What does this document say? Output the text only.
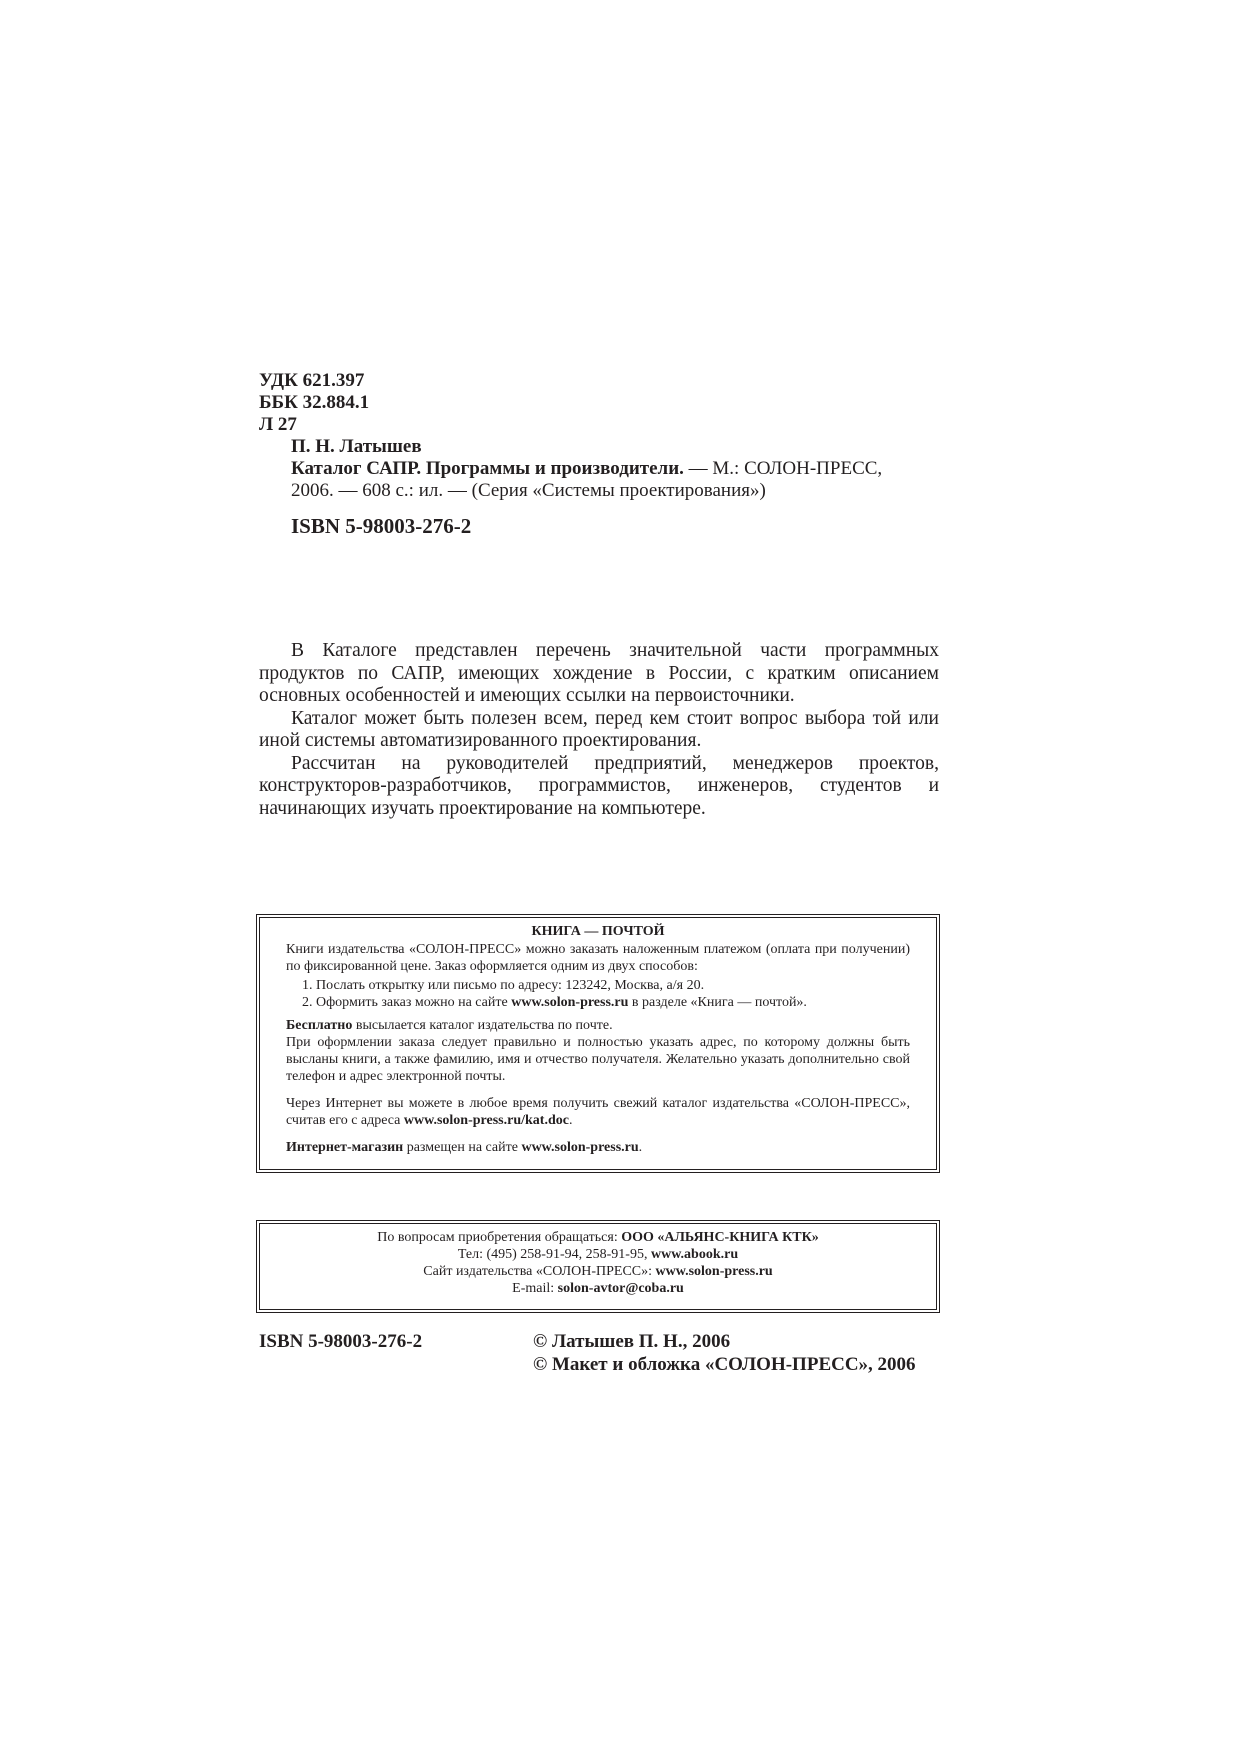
УДК 621.397
ББК 32.884.1
Л 27
П. Н. Латышев
Каталог САПР. Программы и производители. — М.: СОЛОН-ПРЕСС,
2006. — 608 с.: ил. — (Серия «Системы проектирования»)
ISBN 5-98003-276-2

В Каталоге представлен перечень значительной части программных продуктов по САПР, имеющих хождение в России, с кратким описанием основных особенностей и имеющих ссылки на первоисточники.

Каталог может быть полезен всем, перед кем стоит вопрос выбора той или иной системы автоматизированного проектирования.

Рассчитан на руководителей предприятий, менеджеров проектов, конструкторов-разработчиков, программистов, инженеров, студентов и начинающих изучать проектирование на компьютере.

КНИГА — ПОЧТОЙ

Книги издательства «СОЛОН-ПРЕСС» можно заказать наложенным платежом (оплата при получении) по фиксированной цене. Заказ оформляется одним из двух способов:

1. Послать открытку или письмо по адресу: 123242, Москва, а/я 20.
2. Оформить заказ можно на сайте www.solon-press.ru в разделе «Книга — почтой».

Бесплатно высылается каталог издательства по почте.

При оформлении заказа следует правильно и полностью указать адрес, по которому должны быть высланы книги, а также фамилию, имя и отчество получателя. Желательно указать дополнительно свой телефон и адрес электронной почты.

Через Интернет вы можете в любое время получить свежий каталог издательства «СОЛОН-ПРЕСС», считав его с адреса www.solon-press.ru/kat.doc.

Интернет-магазин размещен на сайте www.solon-press.ru.

По вопросам приобретения обращаться: ООО «АЛЬЯНС-КНИГА КТК»
Тел: (495) 258-91-94, 258-91-95, www.abook.ru
Сайт издательства «СОЛОН-ПРЕСС»: www.solon-press.ru
E-mail: solon-avtor@coba.ru
ISBN 5-98003-276-2	© Латышев П. Н., 2006
© Макет и обложка «СОЛОН-ПРЕСС», 2006
